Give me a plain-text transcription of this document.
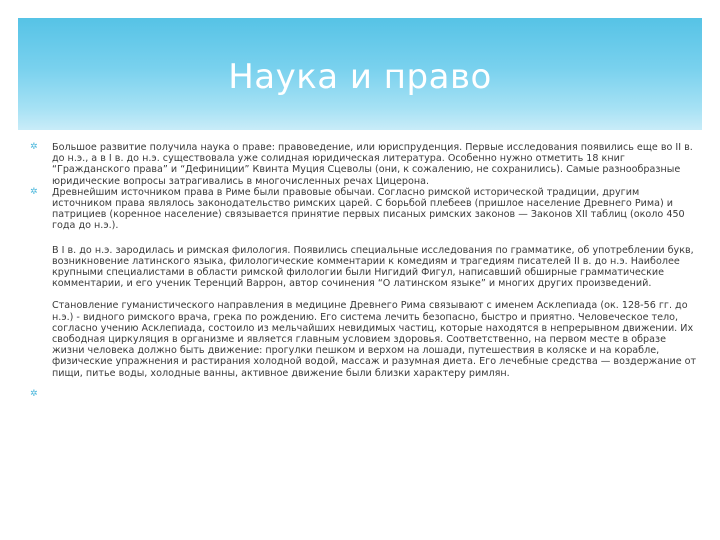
Наука и право
✲ Большое развитие получила наука о праве: правоведение, или юриспруденция. Первые исследования появились еще во II в. до н.э., а в I в. до н.э. существовала уже солидная юридическая литература. Особенно нужно отметить 18 книг “Гражданского права” и “Дефиниции” Квинта Муция Сцеволы (они, к сожалению, не сохранились). Самые разнообразные юридические вопросы затрагивались в многочисленных речах Цицерона.
✲ Древнейшим источником права в Риме были правовые обычаи. Согласно римской исторической традиции, другим источником права являлось законодательство римских царей. С борьбой плебеев (пришлое население Древнего Рима) и патрициев (коренное население) связывается принятие первых писаных римских законов — Законов XII таблиц (около 450 года до н.э.).
В I в. до н.э. зародилась и римская филология. Появились специальные исследования по грамматике, об употреблении букв, возникновение латинского языка, филологические комментарии к комедиям и трагедиям писателей II в. до н.э. Наиболее крупными специалистами в области римской филологии были Нигидий Фигул, написавший обширные грамматические комментарии, и его ученик Теренций Варрон, автор сочинения “О латинском языке” и многих других произведений.
Становление гуманистического направления в медицине Древнего Рима связывают с именем Асклепиада (ок. 128-56 гг. до н.э.) - видного римского врача, грека по рождению. Его система лечить безопасно, быстро и приятно. Человеческое тело, согласно учению Асклепиада, состоило из мельчайших невидимых частиц, которые находятся в непрерывном движении. Их свободная циркуляция в организме и является главным условием здоровья. Соответственно, на первом месте в образе жизни человека должно быть движение: прогулки пешком и верхом на лошади, путешествия в коляске и на корабле, физические упражнения и растирания холодной водой, массаж и разумная диета. Его лечебные средства — воздержание от пищи, питье воды, холодные ванны, активное движение были близки характеру римлян.
✲
